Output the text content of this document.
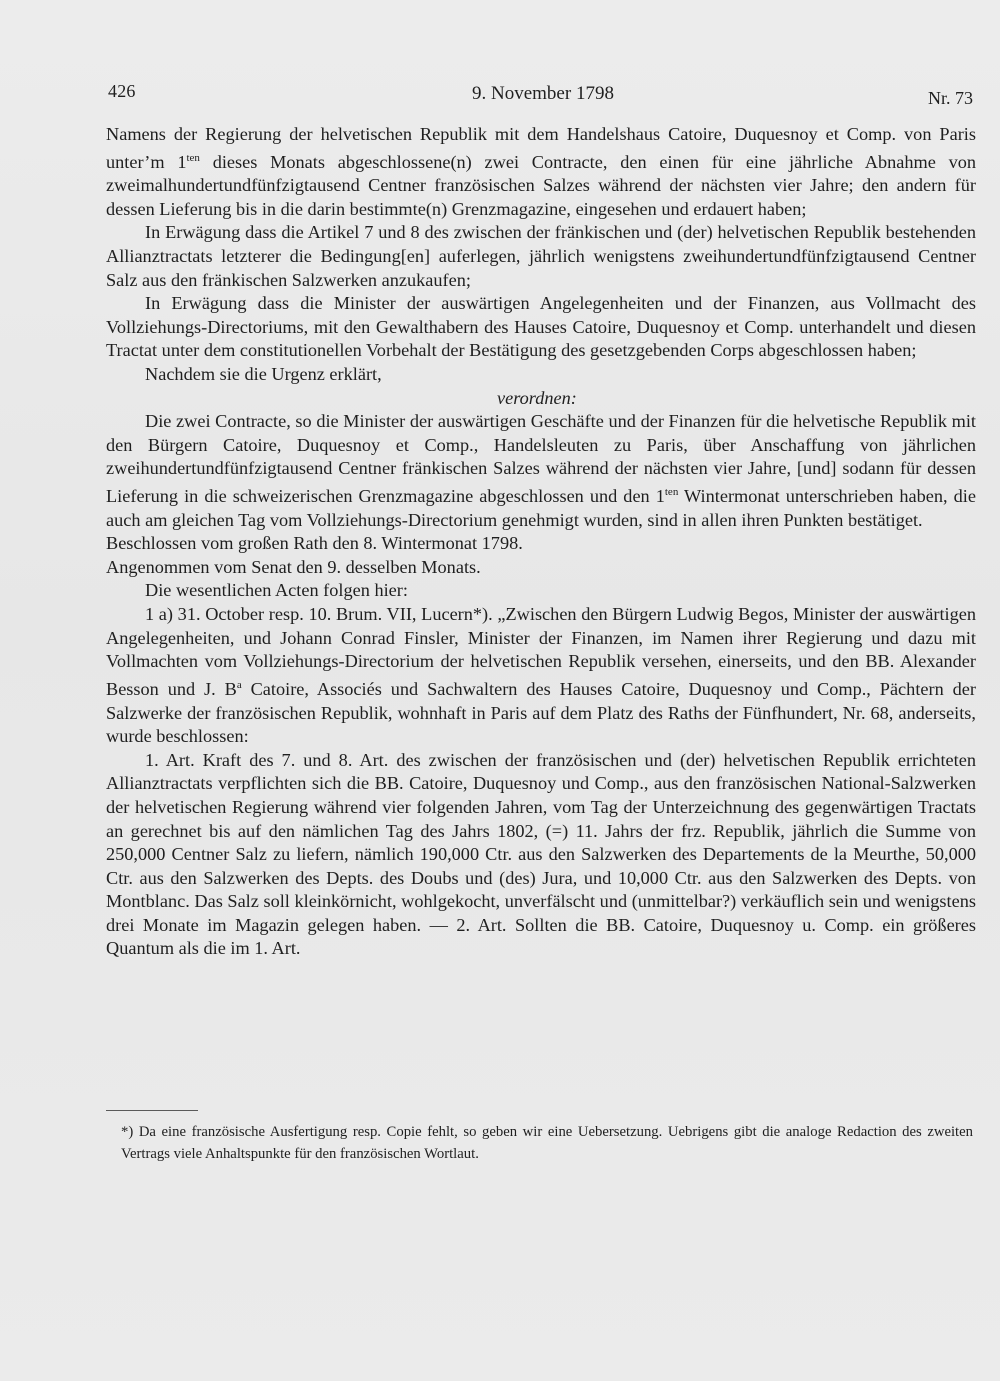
426	9. November 1798	Nr. 73

Namens der Regierung der helvetischen Republik mit dem Handelshaus Catoire, Duquesnoy et Comp. von Paris unter’m $1^{ten}$ dieses Monats abgeschlossene(n) zwei Contracte, den einen für eine jährliche Abnahme von zweimalhundertundfünfzigtausend Centner französischen Salzes während der nächsten vier Jahre; den andern für dessen Lieferung bis in die darin bestimmte(n) Grenzmagazine, eingesehen und erdauert haben;

In Erwägung dass die Artikel 7 und 8 des zwischen der fränkischen und (der) helvetischen Republik bestehenden Allianztractats letzterer die Bedingung[en] auferlegen, jährlich wenigstens zweihundertundfünfzigtausend Centner Salz aus den fränkischen Salzwerken anzukaufen;

In Erwägung dass die Minister der auswärtigen Angelegenheiten und der Finanzen, aus Vollmacht des Vollziehungs-Directoriums, mit den Gewalthabern des Hauses Catoire, Duquesnoy et Comp. unterhandelt und diesen Tractat unter dem constitutionellen Vorbehalt der Bestätigung des gesetzgebenden Corps abgeschlossen haben;

Nachdem sie die Urgenz erklärt,

verordnen:

Die zwei Contracte, so die Minister der auswärtigen Geschäfte und der Finanzen für die helvetische Republik mit den Bürgern Catoire, Duquesnoy et Comp., Handelsleuten zu Paris, über Anschaffung von jährlichen zweihundertundfünfzigtausend Centner fränkischen Salzes während der nächsten vier Jahre, [und] sodann für dessen Lieferung in die schweizerischen Grenzmagazine abgeschlossen und den $1^{ten}$ Wintermonat unterschrieben haben, die auch am gleichen Tag vom Vollziehungs-Directorium genehmigt wurden, sind in allen ihren Punkten bestätiget.

Beschlossen vom großen Rath den 8. Wintermonat 1798.

Angenommen vom Senat den 9. desselben Monats.

Die wesentlichen Acten folgen hier:

1 a) 31. October resp. 10. Brum. VII, Lucern*). „Zwischen den Bürgern Ludwig Begos, Minister der auswärtigen Angelegenheiten, und Johann Conrad Finsler, Minister der Finanzen, im Namen ihrer Regierung und dazu mit Vollmachten vom Vollziehungs-Directorium der helvetischen Republik versehen, einerseits, und den BB. Alexander Besson und J. $B^a$ Catoire, Associés und Sachwaltern des Hauses Catoire, Duquesnoy und Comp., Pächtern der Salzwerke der französischen Republik, wohnhaft in Paris auf dem Platz des Raths der Fünfhundert, Nr. 68, anderseits, wurde beschlossen:

1. Art. Kraft des 7. und 8. Art. des zwischen der französischen und (der) helvetischen Republik errichteten Allianztractats verpflichten sich die BB. Catoire, Duquesnoy und Comp., aus den französischen National-Salzwerken der helvetischen Regierung während vier folgenden Jahren, vom Tag der Unterzeichnung des gegenwärtigen Tractats an gerechnet bis auf den nämlichen Tag des Jahrs 1802, (=) 11. Jahrs der frz. Republik, jährlich die Summe von 250,000 Centner Salz zu liefern, nämlich 190,000 Ctr. aus den Salzwerken des Departements de la Meurthe, 50,000 Ctr. aus den Salzwerken des Depts. des Doubs und (des) Jura, und 10,000 Ctr. aus den Salzwerken des Depts. von Montblanc. Das Salz soll kleinkörnicht, wohlgekocht, unverfälscht und (unmittelbar?) verkäuflich sein und wenigstens drei Monate im Magazin gelegen haben. — 2. Art. Sollten die BB. Catoire, Duquesnoy u. Comp. ein größeres Quantum als die im 1. Art.

*) Da eine französische Ausfertigung resp. Copie fehlt, so geben wir eine Uebersetzung. Uebrigens gibt die analoge Redaction des zweiten Vertrags viele Anhaltspunkte für den französischen Wortlaut.
